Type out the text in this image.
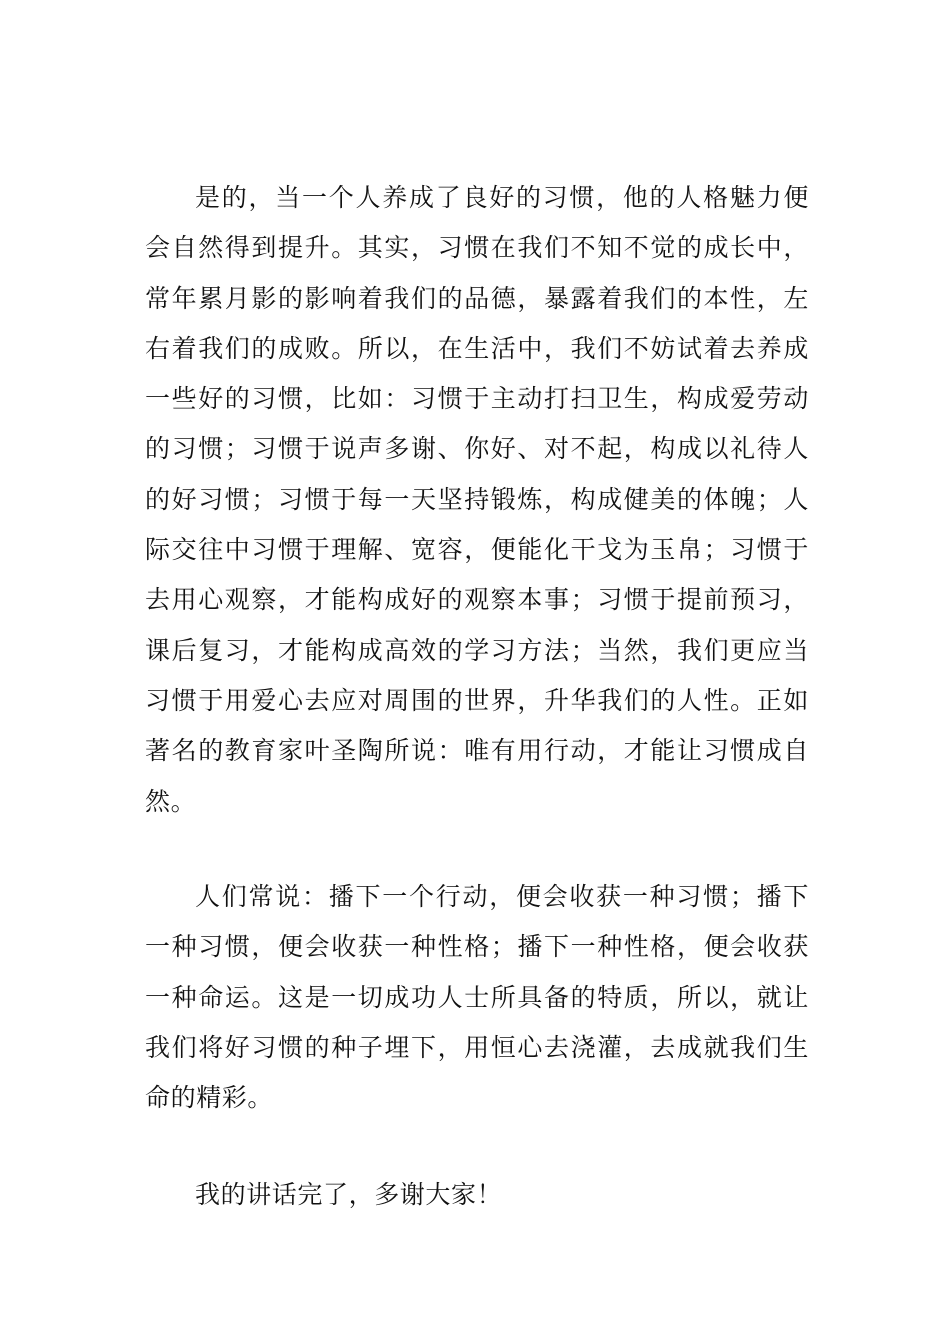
是的，当一个人养成了良好的习惯，他的人格魅力便会自然得到提升。其实，习惯在我们不知不觉的成长中，常年累月影的影响着我们的品德，暴露着我们的本性，左右着我们的成败。所以，在生活中，我们不妨试着去养成一些好的习惯，比如：习惯于主动打扫卫生，构成爱劳动的习惯；习惯于说声多谢、你好、对不起，构成以礼待人的好习惯；习惯于每一天坚持锻炼，构成健美的体魄；人际交往中习惯于理解、宽容，便能化干戈为玉帛；习惯于去用心观察，才能构成好的观察本事；习惯于提前预习，课后复习，才能构成高效的学习方法；当然，我们更应当习惯于用爱心去应对周围的世界，升华我们的人性。正如著名的教育家叶圣陶所说：唯有用行动，才能让习惯成自然。

人们常说：播下一个行动，便会收获一种习惯；播下一种习惯，便会收获一种性格；播下一种性格，便会收获一种命运。这是一切成功人士所具备的特质，所以，就让我们将好习惯的种子埋下，用恒心去浇灌，去成就我们生命的精彩。

我的讲话完了，多谢大家！
